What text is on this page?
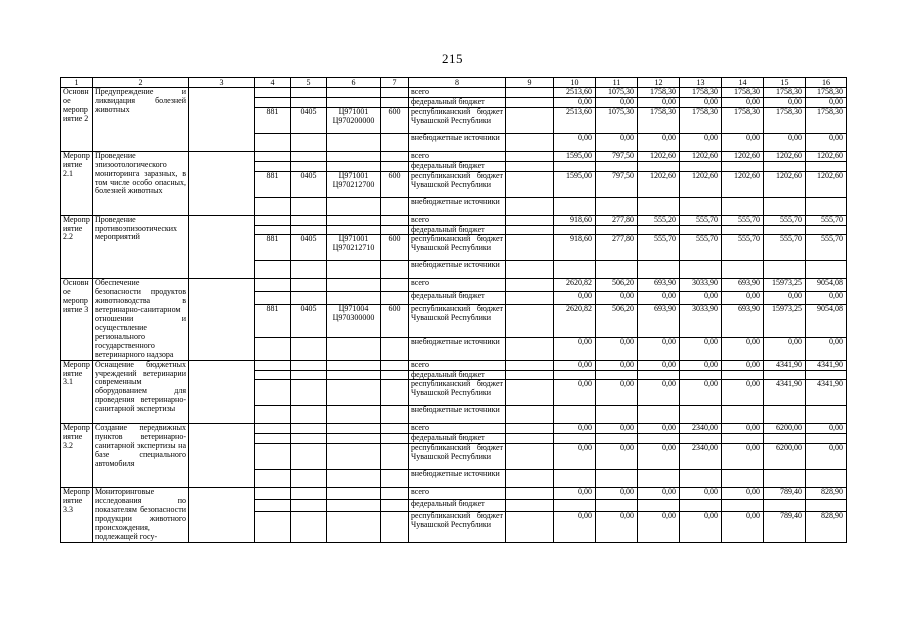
215
1	2	3	4	5	6	7	8	9	10	11	12	13	14	15	16
Основное мероприятие 2	Предупреждение и ликвидация болезней животных						всего		2513,60	1075,30	1758,30	1758,30	1758,30	1758,30	1758,30
							федеральный бюджет		0,00	0,00	0,00	0,00	0,00	0,00	0,00
			881	0405	Ц971001 Ц970200000	600	республиканский бюджет Чувашской Республики		2513,60	1075,30	1758,30	1758,30	1758,30	1758,30	1758,30
							внебюджетные источники		0,00	0,00	0,00	0,00	0,00	0,00	0,00
Мероприятие 2.1	Проведение эпизоотологического мониторинга заразных, в том числе особо опасных, болезней животных						всего		1595,00	797,50	1202,60	1202,60	1202,60	1202,60	1202,60
							федеральный бюджет								
			881	0405	Ц971001 Ц970212700	600	республиканский бюджет Чувашской Республики		1595,00	797,50	1202,60	1202,60	1202,60	1202,60	1202,60
							внебюджетные источники								
Мероприятие 2.2	Проведение противоэпизоотических мероприятий						всего		918,60	277,80	555,20	555,70	555,70	555,70	555,70
							федеральный бюджет								
			881	0405	Ц971001 Ц970212710	600	республиканский бюджет Чувашской Республики		918,60	277,80	555,70	555,70	555,70	555,70	555,70
							внебюджетные источники								
Основное мероприятие 3	Обеспечение безопасности продуктов животноводства в ветеринарно-санитарном отношении и осуществление регионального государственного ветеринарного надзора						всего		2620,82	506,20	693,90	3033,90	693,90	15973,25	9054,08
							федеральный бюджет		0,00	0,00	0,00	0,00	0,00	0,00	0,00
			881	0405	Ц971004 Ц970300000	600	республиканский бюджет Чувашской Республики		2620,82	506,20	693,90	3033,90	693,90	15973,25	9054,08
							внебюджетные источники		0,00	0,00	0,00	0,00	0,00	0,00	0,00
Мероприятие 3.1	Оснащение бюджетных учреждений ветеринарии современным оборудованием для проведения ветеринарно-санитарной экспертизы						всего		0,00	0,00	0,00	0,00	0,00	4341,90	4341,90
							федеральный бюджет								
							республиканский бюджет Чувашской Республики		0,00	0,00	0,00	0,00	0,00	4341,90	4341,90
							внебюджетные источники								
Мероприятие 3.2	Создание передвижных пунктов ветеринарно-санитарной экспертизы на базе специального автомобиля						всего		0,00	0,00	0,00	2340,00	0,00	6200,00	0,00
							федеральный бюджет								
							республиканский бюджет Чувашской Республики		0,00	0,00	0,00	2340,00	0,00	6200,00	0,00
							внебюджетные источники								
Мероприятие 3.3	Мониторинговые исследования по показателям безопасности продукции животного происхождения, подлежащей госу-						всего		0,00	0,00	0,00	0,00	0,00	789,40	828,90
							федеральный бюджет								
							республиканский бюджет Чувашской Республики		0,00	0,00	0,00	0,00	0,00	789,40	828,90
